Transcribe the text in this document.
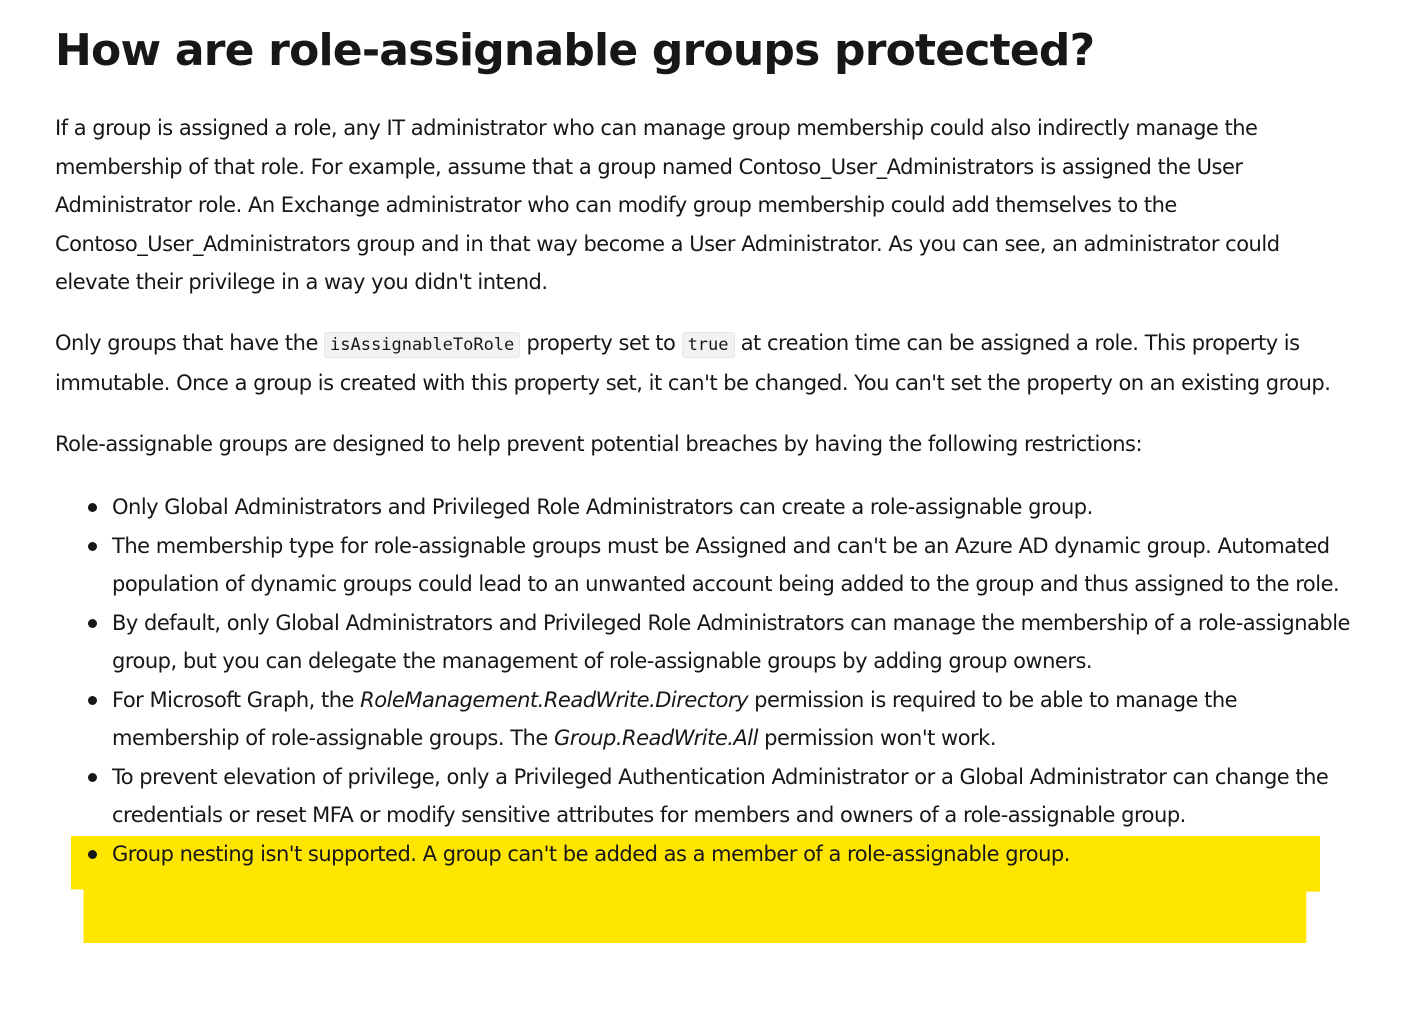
How are role-assignable groups protected?

If a group is assigned a role, any IT administrator who can manage group membership could also indirectly manage the membership of that role. For example, assume that a group named Contoso_User_Administrators is assigned the User Administrator role. An Exchange administrator who can modify group membership could add themselves to the Contoso_User_Administrators group and in that way become a User Administrator. As you can see, an administrator could elevate their privilege in a way you didn't intend.

Only groups that have the isAssignableToRole property set to true at creation time can be assigned a role. This property is immutable. Once a group is created with this property set, it can't be changed. You can't set the property on an existing group.

Role-assignable groups are designed to help prevent potential breaches by having the following restrictions:

Only Global Administrators and Privileged Role Administrators can create a role-assignable group.
The membership type for role-assignable groups must be Assigned and can't be an Azure AD dynamic group. Automated population of dynamic groups could lead to an unwanted account being added to the group and thus assigned to the role.
By default, only Global Administrators and Privileged Role Administrators can manage the membership of a role-assignable group, but you can delegate the management of role-assignable groups by adding group owners.
For Microsoft Graph, the RoleManagement.ReadWrite.Directory permission is required to be able to manage the membership of role-assignable groups. The Group.ReadWrite.All permission won't work.
To prevent elevation of privilege, only a Privileged Authentication Administrator or a Global Administrator can change the credentials or reset MFA or modify sensitive attributes for members and owners of a role-assignable group.
Group nesting isn't supported. A group can't be added as a member of a role-assignable group.
